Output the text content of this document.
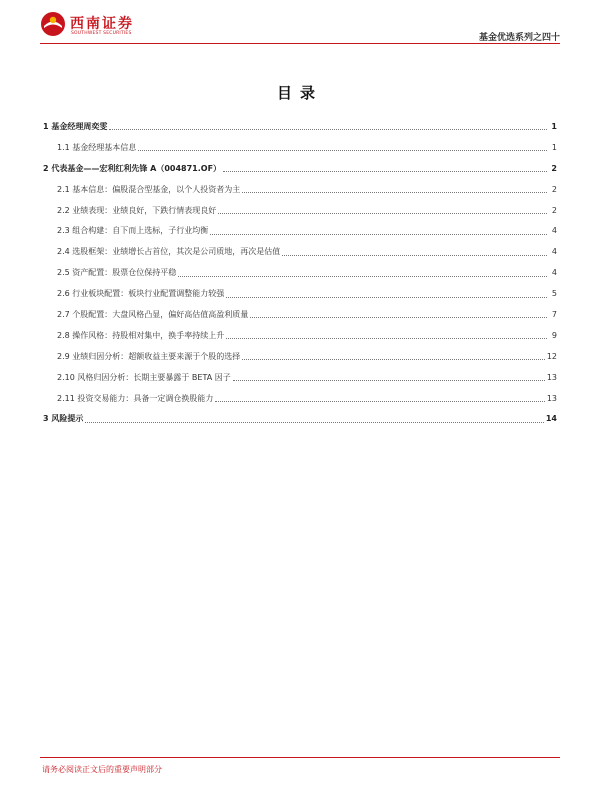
西南证券
SOUTHWEST SECURITIES	基金优选系列之四十
目录
1 基金经理周奕雯	1
1.1 基金经理基本信息	1
2 代表基金——宏利红利先锋 A（004871.OF）	2
2.1 基本信息：偏股混合型基金，以个人投资者为主	2
2.2 业绩表现：业绩良好，下跌行情表现良好	2
2.3 组合构建：自下而上选标，子行业均衡	4
2.4 选股框架：业绩增长占首位，其次是公司质地，再次是估值	4
2.5 资产配置：股票仓位保持平稳	4
2.6 行业板块配置：板块行业配置调整能力较强	5
2.7 个股配置：大盘风格凸显，偏好高估值高盈利质量	7
2.8 操作风格：持股相对集中，换手率持续上升	9
2.9 业绩归因分析：超额收益主要来源于个股的选择	12
2.10 风格归因分析：长期主要暴露于 BETA 因子	13
2.11 投资交易能力：具备一定调仓换股能力	13
3 风险提示	14
请务必阅读正文后的重要声明部分
